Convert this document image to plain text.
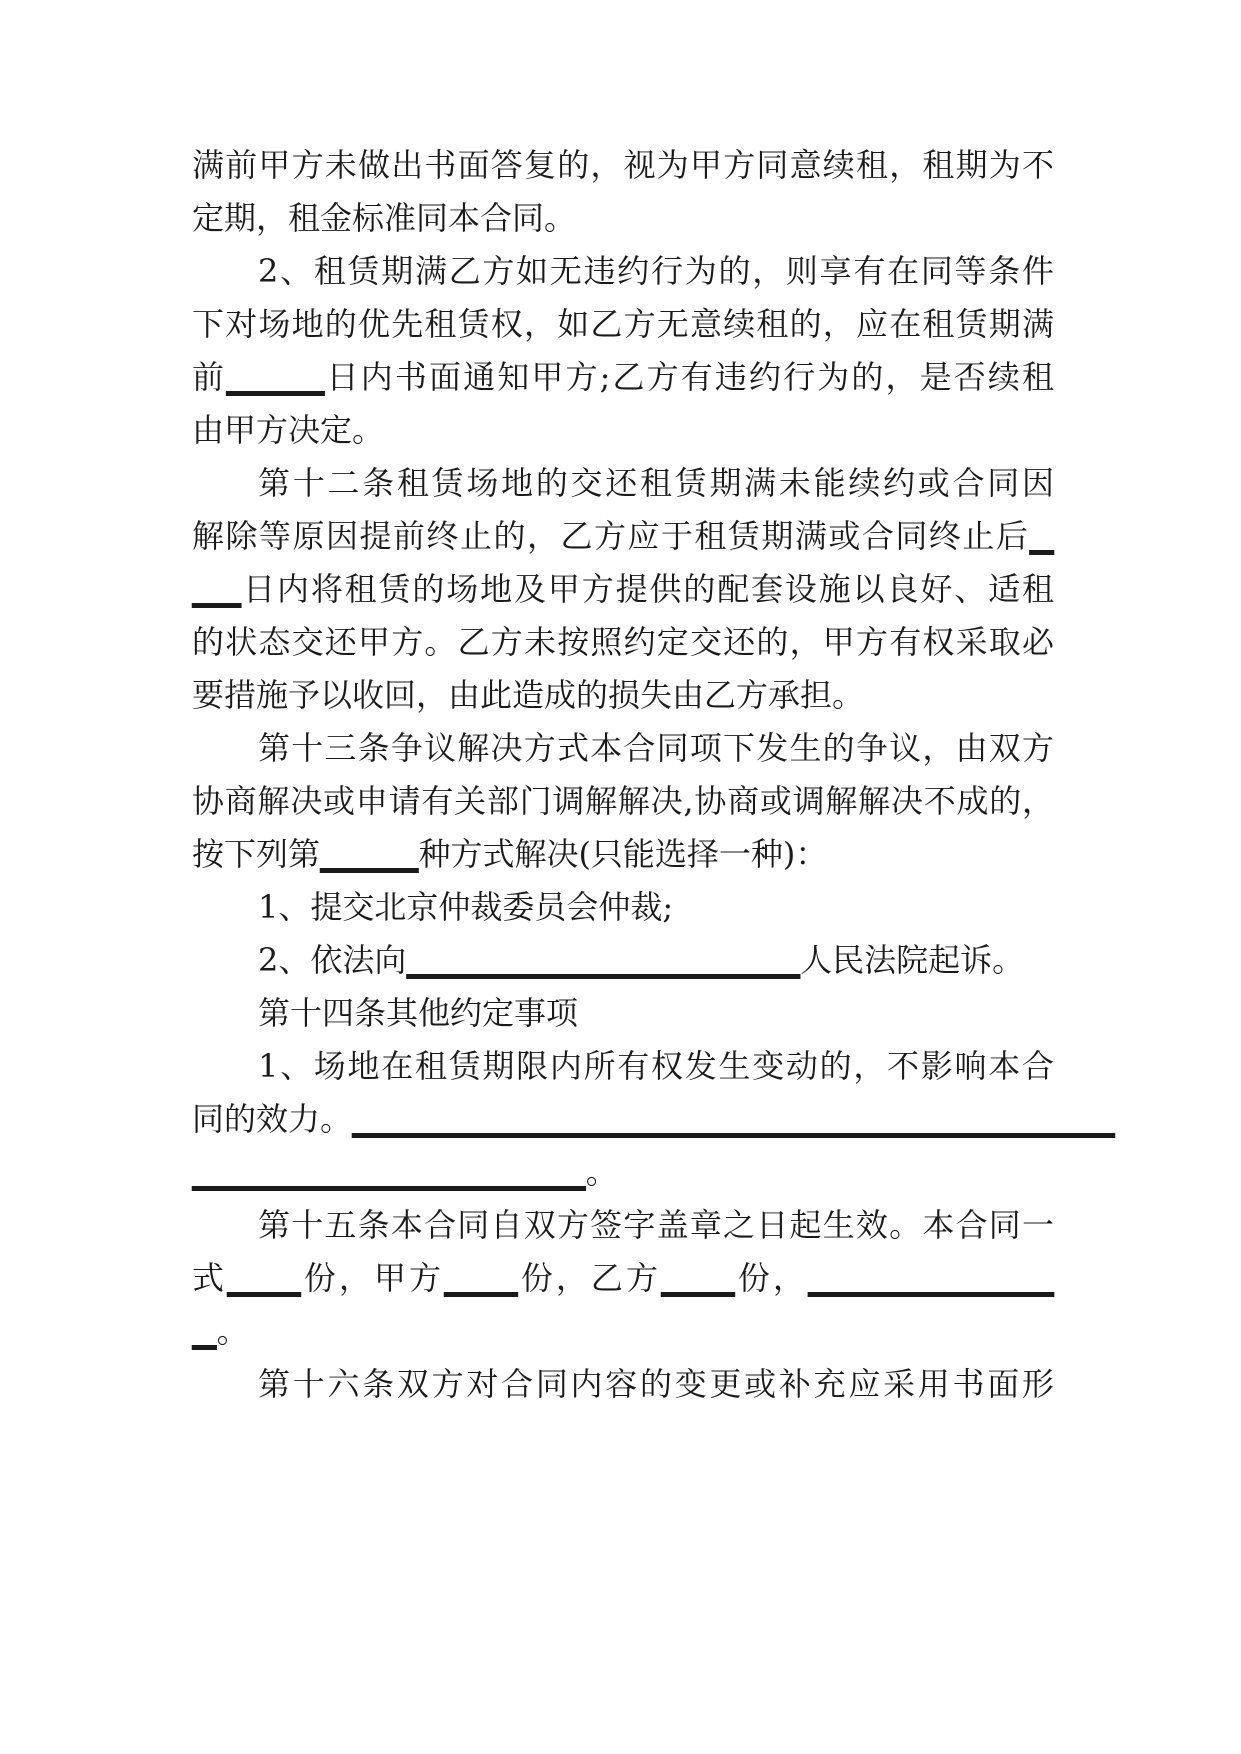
满前甲方未做出书面答复的，视为甲方同意续租，租期为不
定期，租金标准同本合同。
2、租赁期满乙方如无违约行为的，则享有在同等条件
下对场地的优先租赁权，如乙方无意续租的，应在租赁期满
前▁▁▁▁日内书面通知甲方;乙方有违约行为的，是否续租
由甲方决定。
第十二条租赁场地的交还租赁期满未能续约或合同因
解除等原因提前终止的，乙方应于租赁期满或合同终止后▁
▁▁日内将租赁的场地及甲方提供的配套设施以良好、适租
的状态交还甲方。乙方未按照约定交还的，甲方有权采取必
要措施予以收回，由此造成的损失由乙方承担。
第十三条争议解决方式本合同项下发生的争议，由双方
协商解决或申请有关部门调解解决,协商或调解解决不成的，
按下列第▁▁▁▁种方式解决(只能选择一种)：
1、提交北京仲裁委员会仲裁;
2、依法向▁▁▁▁▁▁▁▁▁▁▁▁▁▁▁▁人民法院起诉。
第十四条其他约定事项
1、场地在租赁期限内所有权发生变动的，不影响本合
同的效力。▁▁▁▁▁▁▁▁▁▁▁▁▁▁▁▁▁▁▁▁▁▁▁▁▁▁▁▁▁▁▁
▁▁▁▁▁▁▁▁▁▁▁▁▁▁▁▁。
第十五条本合同自双方签字盖章之日起生效。本合同一
式▁▁▁份，甲方▁▁▁份，乙方▁▁▁份，▁▁▁▁▁▁▁▁▁▁
▁。
第十六条双方对合同内容的变更或补充应采用书面形
